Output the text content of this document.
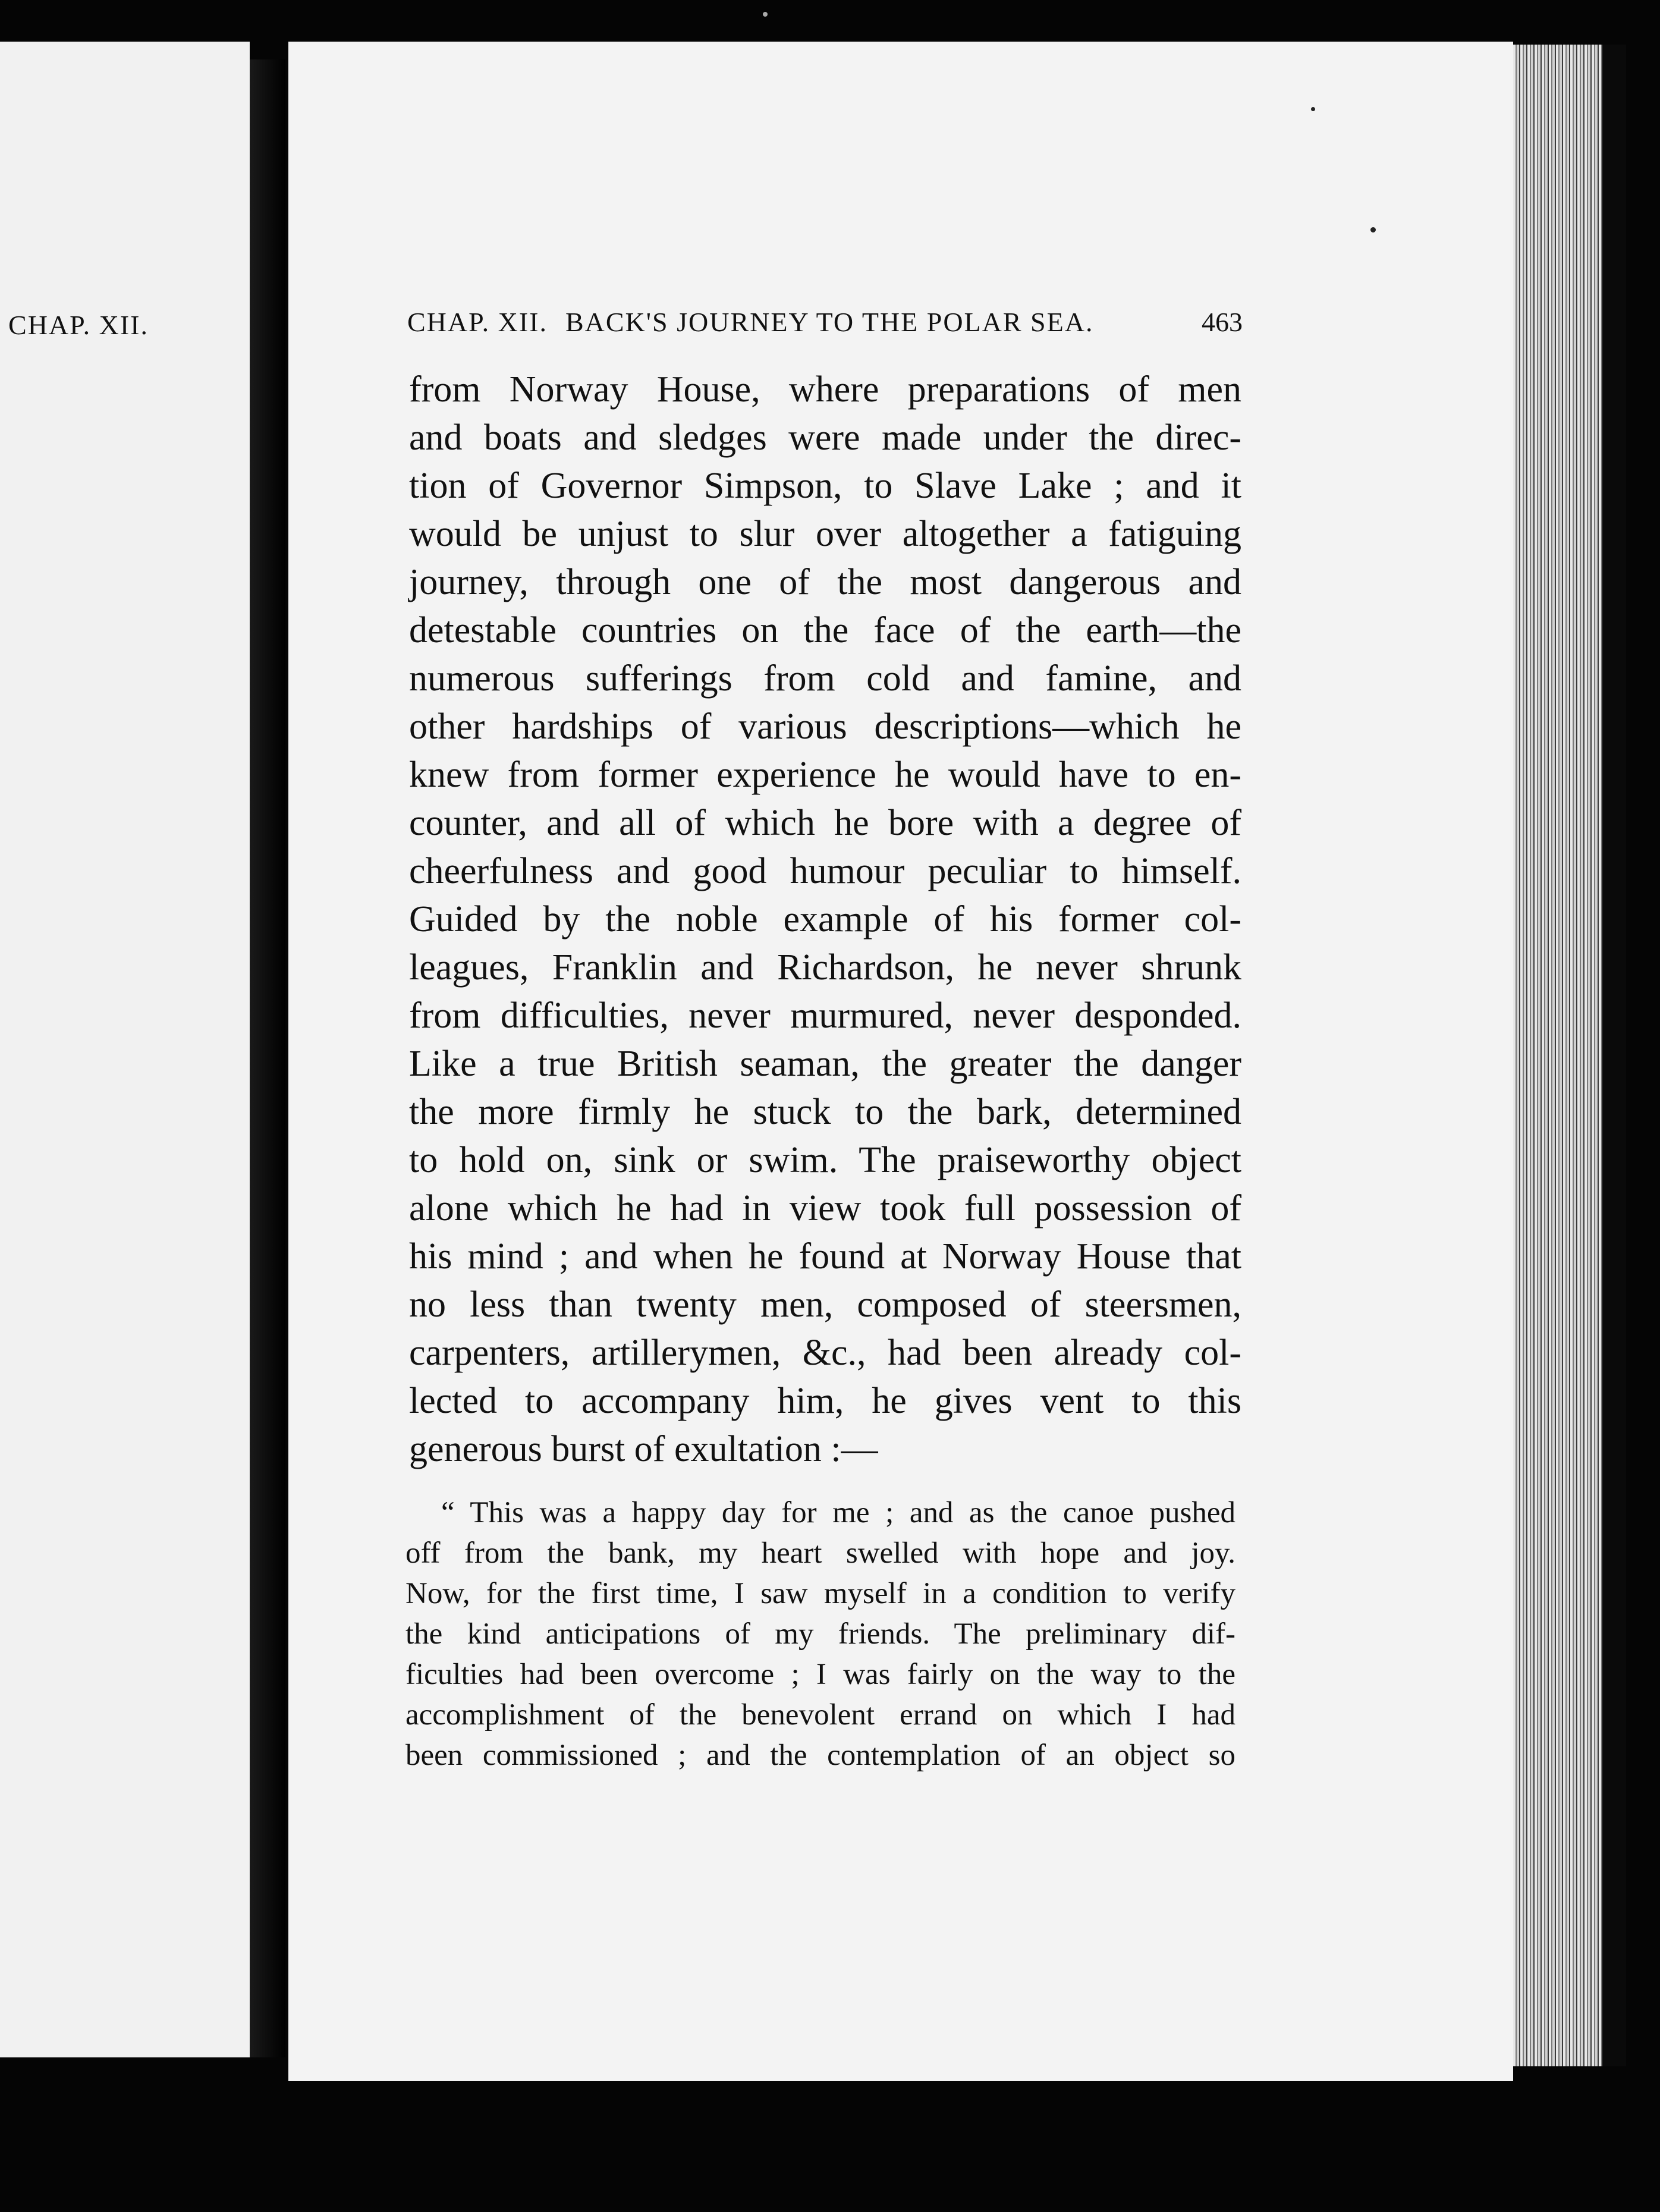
CHAP. XII.	CHAP. XII. BACK'S JOURNEY TO THE POLAR SEA.	463
from Norway House, where preparations of men
and boats and sledges were made under the direc-
tion of Governor Simpson, to Slave Lake ; and it
would be unjust to slur over altogether a fatiguing
journey, through one of the most dangerous and
detestable countries on the face of the earth—the
numerous sufferings from cold and famine, and
other hardships of various descriptions—which he
knew from former experience he would have to en-
counter, and all of which he bore with a degree of
cheerfulness and good humour peculiar to himself.
Guided by the noble example of his former col-
leagues, Franklin and Richardson, he never shrunk
from difficulties, never murmured, never desponded.
Like a true British seaman, the greater the danger
the more firmly he stuck to the bark, determined
to hold on, sink or swim. The praiseworthy object
alone which he had in view took full possession of
his mind ; and when he found at Norway House that
no less than twenty men, composed of steersmen,
carpenters, artillerymen, &c., had been already col-
lected to accompany him, he gives vent to this
generous burst of exultation :—
“ This was a happy day for me ; and as the canoe pushed
off from the bank, my heart swelled with hope and joy.
Now, for the first time, I saw myself in a condition to verify
the kind anticipations of my friends. The preliminary dif-
ficulties had been overcome ; I was fairly on the way to the
accomplishment of the benevolent errand on which I had
been commissioned ; and the contemplation of an object so
